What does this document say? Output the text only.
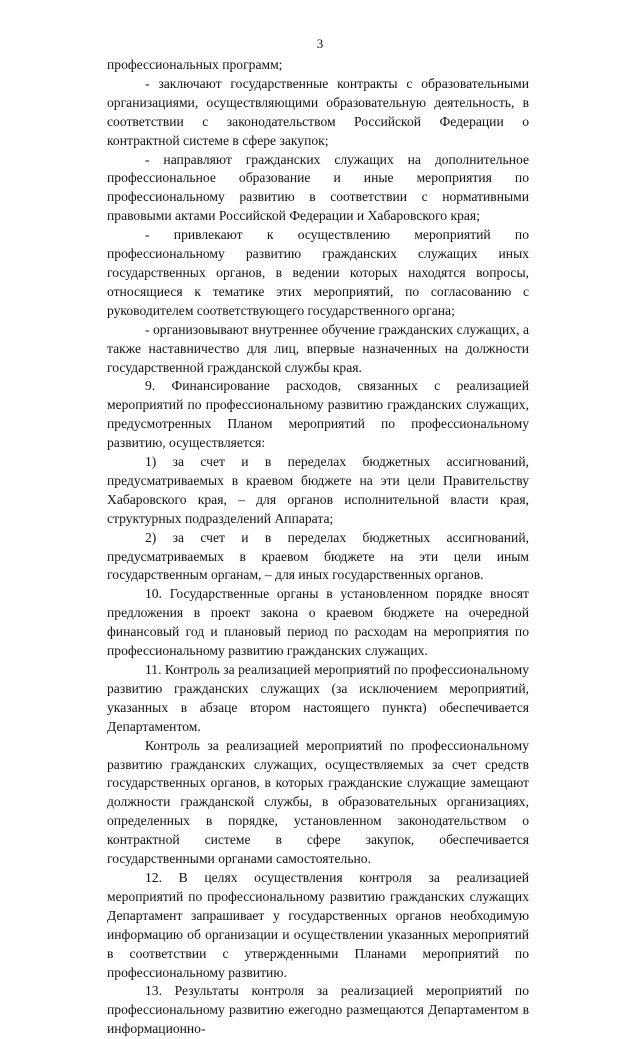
3

профессиональных программ;

- заключают государственные контракты с образовательными организациями, осуществляющими образовательную деятельность, в соответствии с законодательством Российской Федерации о контрактной системе в сфере закупок;

- направляют гражданских служащих на дополнительное профессиональное образование и иные мероприятия по профессиональному развитию в соответствии с нормативными правовыми актами Российской Федерации и Хабаровского края;

- привлекают к осуществлению мероприятий по профессиональному развитию гражданских служащих иных государственных органов, в ведении которых находятся вопросы, относящиеся к тематике этих мероприятий, по согласованию с руководителем соответствующего государственного органа;

- организовывают внутреннее обучение гражданских служащих, а также наставничество для лиц, впервые назначенных на должности государственной гражданской службы края.

9. Финансирование расходов, связанных с реализацией мероприятий по профессиональному развитию гражданских служащих, предусмотренных Планом мероприятий по профессиональному развитию, осуществляется:

1) за счет и в переделах бюджетных ассигнований, предусматриваемых в краевом бюджете на эти цели Правительству Хабаровского края, – для органов исполнительной власти края, структурных подразделений Аппарата;

2) за счет и в переделах бюджетных ассигнований, предусматриваемых в краевом бюджете на эти цели иным государственным органам, – для иных государственных органов.

10. Государственные органы в установленном порядке вносят предложения в проект закона о краевом бюджете на очередной финансовый год и плановый период по расходам на мероприятия по профессиональному развитию гражданских служащих.

11. Контроль за реализацией мероприятий по профессиональному развитию гражданских служащих (за исключением мероприятий, указанных в абзаце втором настоящего пункта) обеспечивается Департаментом.

Контроль за реализацией мероприятий по профессиональному развитию гражданских служащих, осуществляемых за счет средств государственных органов, в которых гражданские служащие замещают должности гражданской службы, в образовательных организациях, определенных в порядке, установленном законодательством о контрактной системе в сфере закупок, обеспечивается государственными органами самостоятельно.

12. В целях осуществления контроля за реализацией мероприятий по профессиональному развитию гражданских служащих Департамент запрашивает у государственных органов необходимую информацию об организации и осуществлении указанных мероприятий в соответствии с утвержденными Планами мероприятий по профессиональному развитию.

13. Результаты контроля за реализацией мероприятий по профессиональному развитию ежегодно размещаются Департаментом в информационно-
